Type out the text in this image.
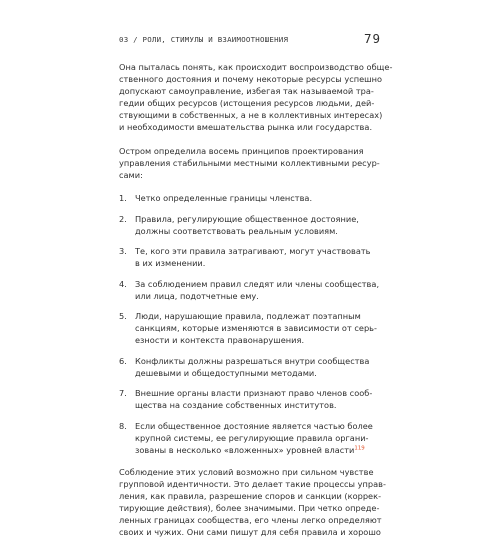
03 / РОЛИ, СТИМУЛЫ И ВЗАИМООТНОШЕНИЯ	79

Она пыталась понять, как происходит воспроизводство обще-
ственного достояния и почему некоторые ресурсы успешно
допускают самоуправление, избегая так называемой тра-
гедии общих ресурсов (истощения ресурсов людьми, дей-
ствующими в собственных, а не в коллективных интересах)
и необходимости вмешательства рынка или государства.

Остром определила восемь принципов проектирования
управления стабильными местными коллективными ресур-
сами:

1. Четко определенные границы членства.
2. Правила, регулирующие общественное достояние,
должны соответствовать реальным условиям.
3. Те, кого эти правила затрагивают, могут участвовать
в их изменении.
4. За соблюдением правил следят или члены сообщества,
или лица, подотчетные ему.
5. Люди, нарушающие правила, подлежат поэтапным
санкциям, которые изменяются в зависимости от серь-
езности и контекста правонарушения.
6. Конфликты должны разрешаться внутри сообщества
дешевыми и общедоступными методами.
7. Внешние органы власти признают право членов сооб-
щества на создание собственных институтов.
8. Если общественное достояние является частью более
крупной системы, ее регулирующие правила органи-
зованы в несколько «вложенных» уровней власти$^{119}$

Соблюдение этих условий возможно при сильном чувстве
групповой идентичности. Это делает такие процессы управ-
ления, как правила, разрешение споров и санкции (коррек-
тирующие действия), более значимыми. При четко опреде-
ленных границах сообщества, его члены легко определяют
своих и чужих. Они сами пишут для себя правила и хорошо
